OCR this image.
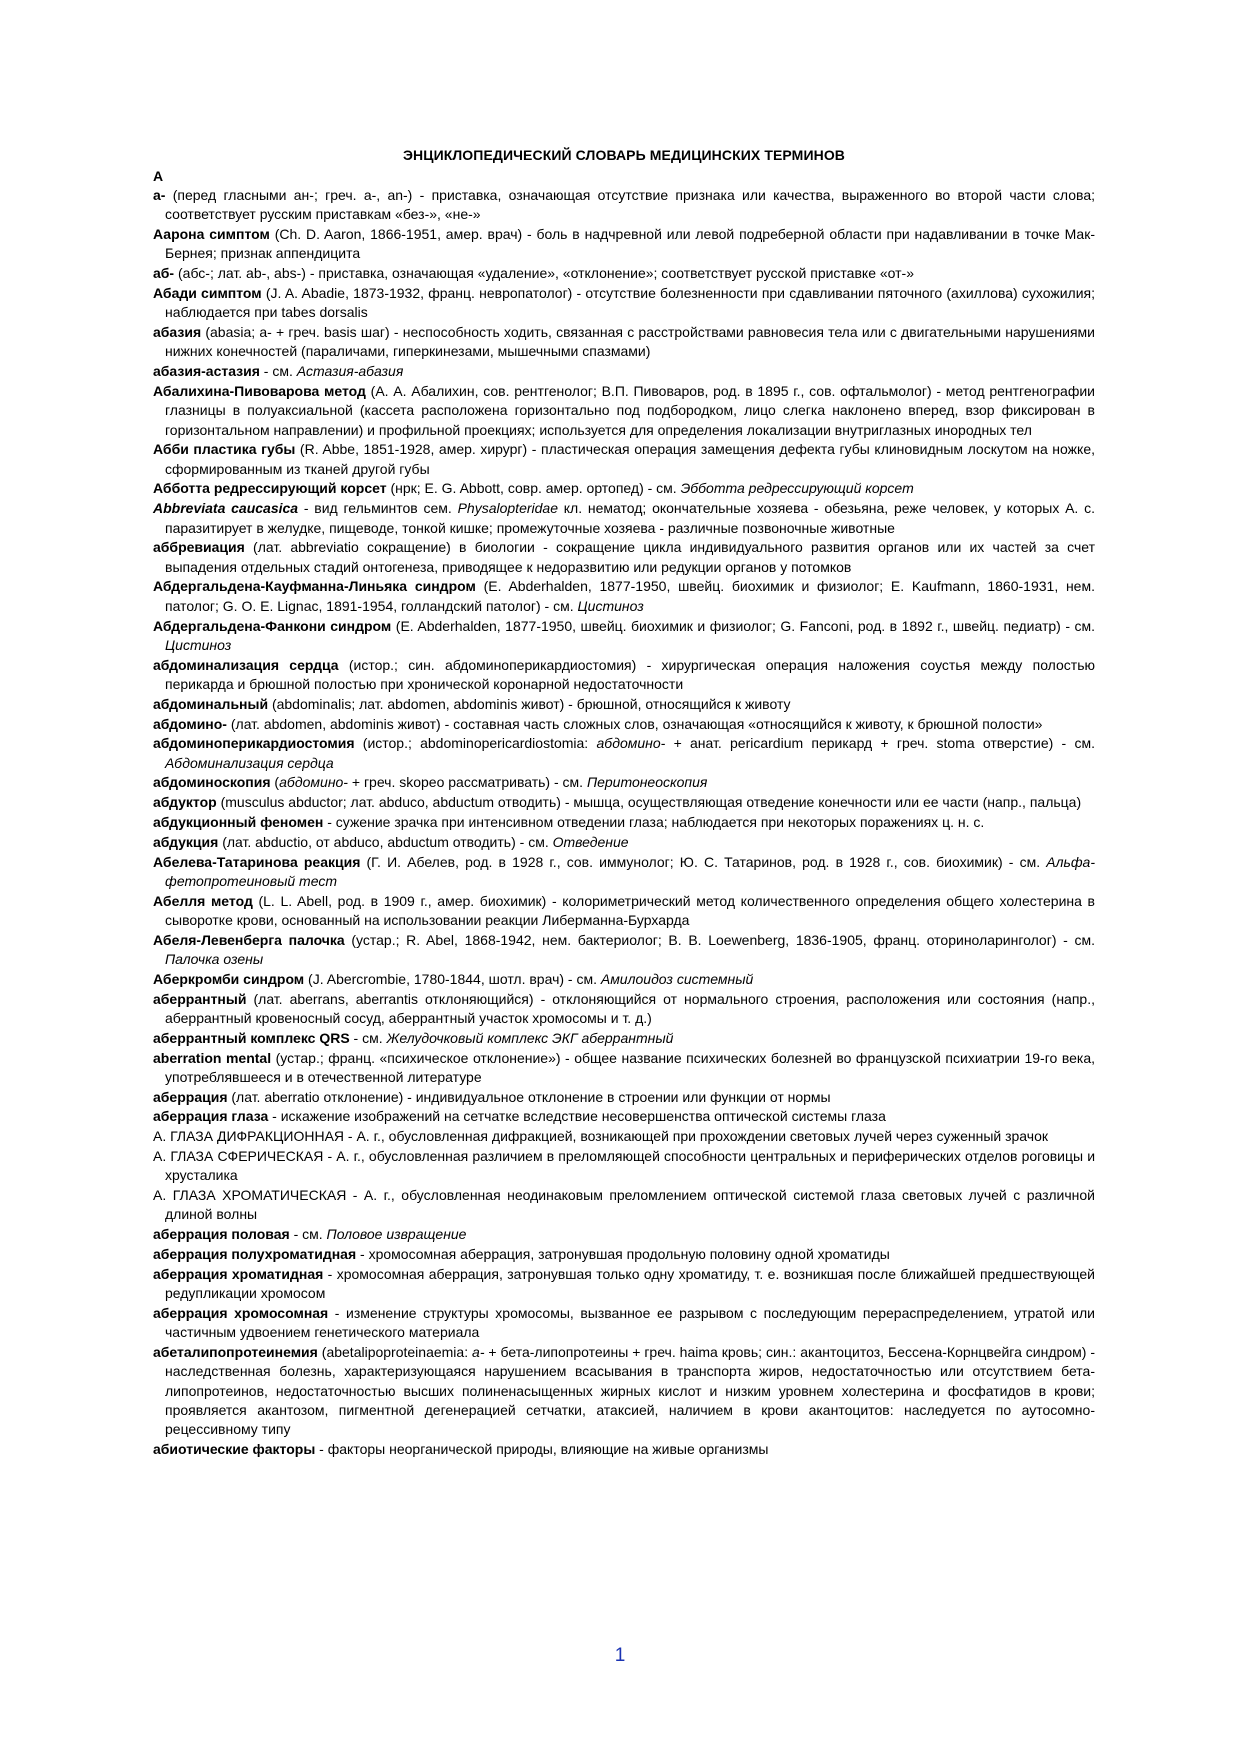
ЭНЦИКЛОПЕДИЧЕСКИЙ СЛОВАРЬ МЕДИЦИНСКИХ ТЕРМИНОВ
А
а- (перед гласными ан-; греч. а-, an-) - приставка, означающая отсутствие признака или качества, выраженного во второй части слова; соответствует русским приставкам «без-», «не-»
Аарона симптом (Ch. D. Aaron, 1866-1951, амер. врач) - боль в надчревной или левой подреберной области при надавливании в точке Мак-Бернея; признак аппендицита
аб- (абс-; лат. ab-, abs-) - приставка, означающая «удаление», «отклонение»; соответствует русской приставке «от-»
Абади симптом (J. A. Abadie, 1873-1932, франц. невропатолог) - отсутствие болезненности при сдавливании пяточного (ахиллова) сухожилия; наблюдается при tabes dorsalis
абазия (abasia; а- + греч. basis шаг) - неспособность ходить, связанная с расстройствами равновесия тела или с двигательными нарушениями нижних конечностей (параличами, гиперкинезами, мышечными спазмами)
абазия-астазия - см. Астазия-абазия
Абалихина-Пивоварова метод (А. А. Абалихин, сов. рентгенолог; В.П. Пивоваров, род. в 1895 г., сов. офтальмолог) - метод рентгенографии глазницы в полуаксиальной (кассета расположена горизонтально под подбородком, лицо слегка наклонено вперед, взор фиксирован в горизонтальном направлении) и профильной проекциях; используется для определения локализации внутриглазных инородных тел
Абби пластика губы (R. Abbe, 1851-1928, амер. хирург) - пластическая операция замещения дефекта губы клиновидным лоскутом на ножке, сформированным из тканей другой губы
Абботта редрессирующий корсет (нрк; E. G. Abbott, совр. амер. ортопед) - см. Эбботта редрессирующий корсет
Abbreviata caucasica - вид гельминтов сем. Physalopteridae кл. нематод; окончательные хозяева - обезьяна, реже человек, у которых А. с. паразитирует в желудке, пищеводе, тонкой кишке; промежуточные хозяева - различные позвоночные животные
аббревиация (лат. abbreviatio сокращение) в биологии - сокращение цикла индивидуального развития органов или их частей за счет выпадения отдельных стадий онтогенеза, приводящее к недоразвитию или редукции органов у потомков
Абдергальдена-Кауфманна-Линьяка синдром (E. Abderhalden, 1877-1950, швейц. биохимик и физиолог; E. Kaufmann, 1860-1931, нем. патолог; G. O. E. Lignac, 1891-1954, голландский патолог) - см. Цистиноз
Абдергальдена-Фанкони синдром (E. Abderhalden, 1877-1950, швейц. биохимик и физиолог; G. Fanconi, род. в 1892 г., швейц. педиатр) - см. Цистиноз
абдоминализация сердца (истор.; син. абдоминоперикардиостомия) - хирургическая операция наложения соустья между полостью перикарда и брюшной полостью при хронической коронарной недостаточности
абдоминальный (abdominalis; лат. abdomen, abdominis живот) - брюшной, относящийся к животу
абдомино- (лат. abdomen, abdominis живот) - составная часть сложных слов, означающая «относящийся к животу, к брюшной полости»
абдоминоперикардиостомия (истор.; abdominopericardiostomia: абдомино- + анат. pericardium перикард + греч. stoma отверстие) - см. Абдоминализация сердца
абдоминоскопия (абдомино- + греч. skopeo рассматривать) - см. Перитонеоскопия
абдуктор (musculus abductor; лат. abduco, abductum отводить) - мышца, осуществляющая отведение конечности или ее части (напр., пальца)
абдукционный феномен - сужение зрачка при интенсивном отведении глаза; наблюдается при некоторых поражениях ц. н. с.
абдукция (лат. abductio, от abduco, abductum отводить) - см. Отведение
Абелева-Татаринова реакция (Г. И. Абелев, род. в 1928 г., сов. иммунолог; Ю. С. Татаринов, род. в 1928 г., сов. биохимик) - см. Альфа-фетопротеиновый тест
Абелля метод (L. L. Abell, род. в 1909 г., амер. биохимик) - колориметрический метод количественного определения общего холестерина в сыворотке крови, основанный на использовании реакции Либерманна-Бурхарда
Абеля-Левенберга палочка (устар.; R. Abel, 1868-1942, нем. бактериолог; B. B. Loewenberg, 1836-1905, франц. оториноларинголог) - см. Палочка озены
Аберкромби синдром (J. Abercrombie, 1780-1844, шотл. врач) - см. Амилоидоз системный
аберрантный (лат. aberrans, aberrantis отклоняющийся) - отклоняющийся от нормального строения, расположения или состояния (напр., аберрантный кровеносный сосуд, аберрантный участок хромосомы и т. д.)
аберрантный комплекс QRS - см. Желудочковый комплекс ЭКГ аберрантный
aberration mental (устар.; франц. «психическое отклонение») - общее название психических болезней во французской психиатрии 19-го века, употреблявшееся и в отечественной литературе
аберрация (лат. aberratio отклонение) - индивидуальное отклонение в строении или функции от нормы
аберрация глаза - искажение изображений на сетчатке вследствие несовершенства оптической системы глаза
А. ГЛАЗА ДИФРАКЦИОННАЯ - А. г., обусловленная дифракцией, возникающей при прохождении световых лучей через суженный зрачок
А. ГЛАЗА СФЕРИЧЕСКАЯ - А. г., обусловленная различием в преломляющей способности центральных и периферических отделов роговицы и хрусталика
А. ГЛАЗА ХРОМАТИЧЕСКАЯ - А. г., обусловленная неодинаковым преломлением оптической системой глаза световых лучей с различной длиной волны
аберрация половая - см. Половое извращение
аберрация полухроматидная - хромосомная аберрация, затронувшая продольную половину одной хроматиды
аберрация хроматидная - хромосомная аберрация, затронувшая только одну хроматиду, т. е. возникшая после ближайшей предшествующей редупликации хромосом
аберрация хромосомная - изменение структуры хромосомы, вызванное ее разрывом с последующим перераспределением, утратой или частичным удвоением генетического материала
абеталипопротеинемия (abetalipoproteinaemia: а- + бета-липопротеины + греч. haima кровь; син.: акантоцитоз, Бессена-Корнцвейга синдром) - наследственная болезнь, характеризующаяся нарушением всасывания в транспорта жиров, недостаточностью или отсутствием бета-липопротеинов, недостаточностью высших полиненасыщенных жирных кислот и низким уровнем холестерина и фосфатидов в крови; проявляется акантозом, пигментной дегенерацией сетчатки, атаксией, наличием в крови акантоцитов: наследуется по аутосомно-рецессивному типу
абиотические факторы - факторы неорганической природы, влияющие на живые организмы
1
